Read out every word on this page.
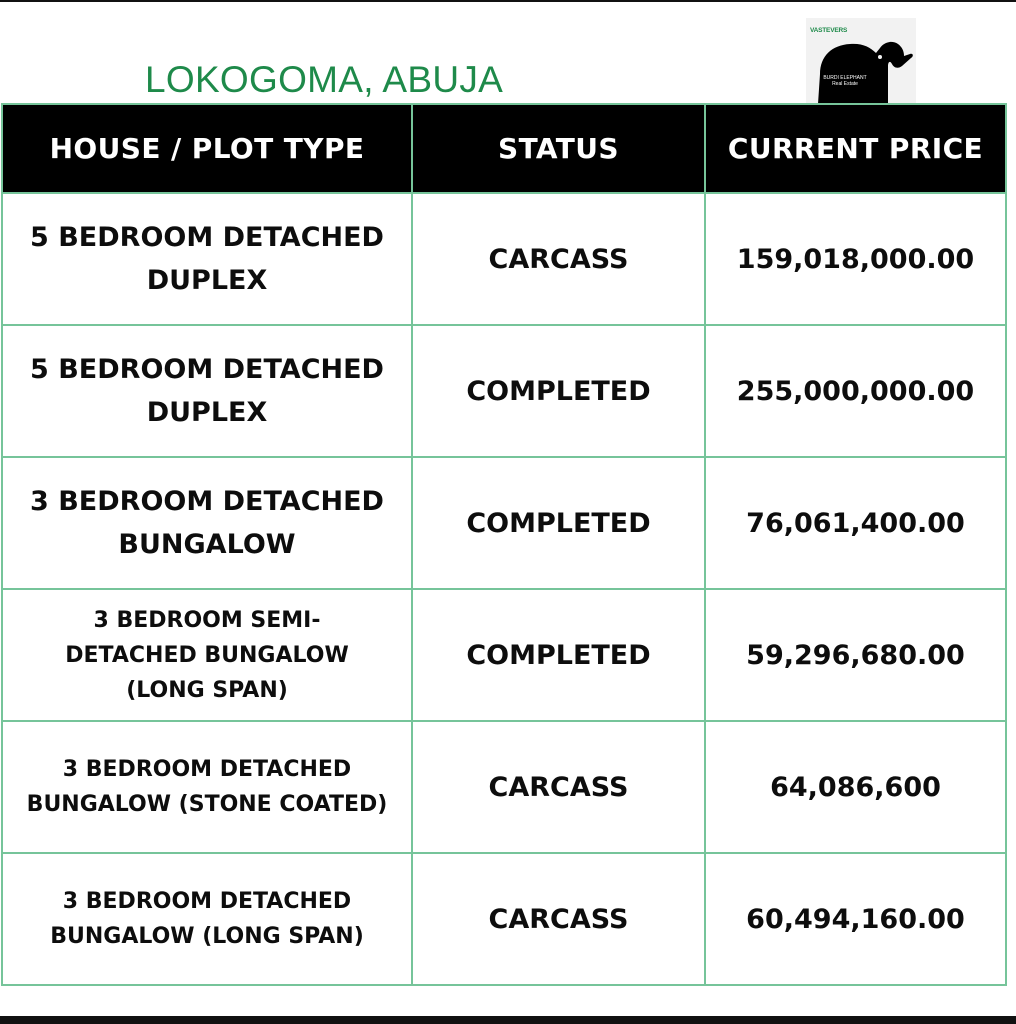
LOKOGOMA, ABUJA
VASTEVERS
BURDI ELEPHANT Real Estate
HOUSE / PLOT TYPE	STATUS	CURRENT PRICE
5 BEDROOM DETACHED DUPLEX	CARCASS	159,018,000.00
5 BEDROOM DETACHED DUPLEX	COMPLETED	255,000,000.00
3 BEDROOM DETACHED BUNGALOW	COMPLETED	76,061,400.00
3 BEDROOM SEMI-DETACHED BUNGALOW (LONG SPAN)	COMPLETED	59,296,680.00
3 BEDROOM DETACHED BUNGALOW (STONE COATED)	CARCASS	64,086,600
3 BEDROOM DETACHED BUNGALOW (LONG SPAN)	CARCASS	60,494,160.00
